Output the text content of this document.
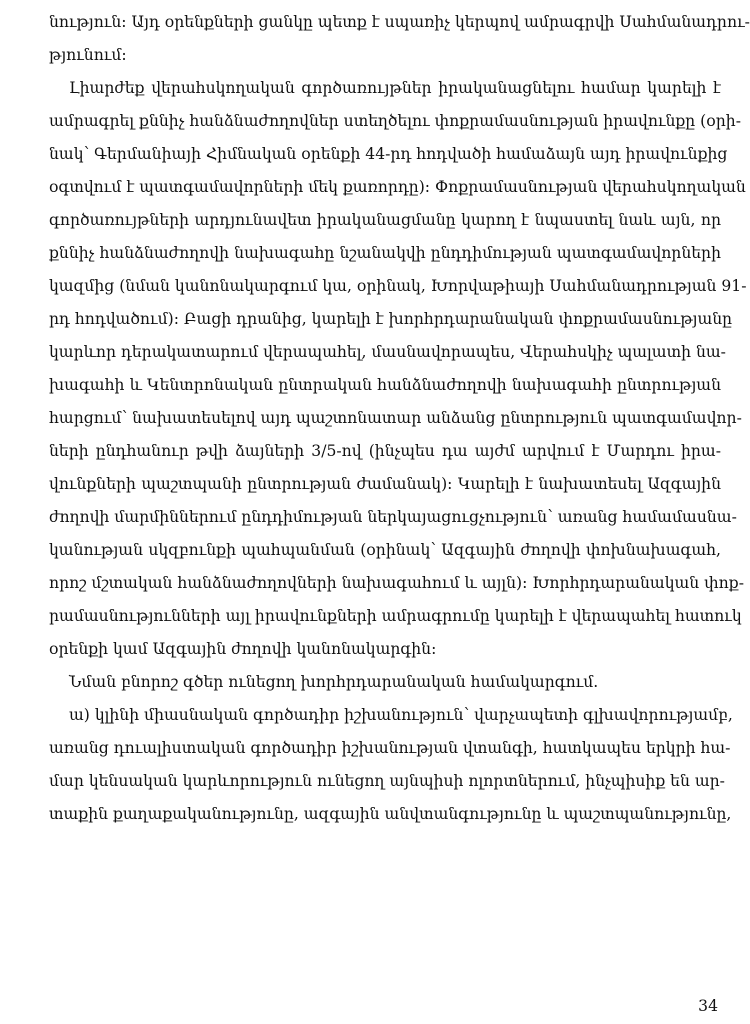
նություն: Այդ օրենքների ցանկը պետք է սպառիչ կերպով ամրագրվի Սահմանադրու-
թյունում:
Լիարժեք վերահսկողական գործառույթներ իրականացնելու համար կարելի է
ամրագրել քննիչ հանձնաժողովներ ստեղծելու փոքրամասնության իրավունքը (օրի-
նակ՝ Գերմանիայի Հիմնական օրենքի 44-րդ հոդվածի համաձայն այդ իրավունքից
օգտվում է պատգամավորների մեկ քառորդը): Փոքրամասնության վերահսկողական
գործառույթների արդյունավետ իրականացմանը կարող է նպաստել նաև այն, որ
քննիչ հանձնաժողովի նախագահը նշանակվի ընդդիմության պատգամավորների
կազմից (նման կանոնակարգում կա, օրինակ, Խորվաթիայի Սահմանադրության 91-
րդ հոդվածում): Բացի դրանից, կարելի է խորհրդարանական փոքրամասնությանը
կարևոր դերակատարում վերապահել, մասնավորապես, Վերահսկիչ պալատի նա-
խագահի և Կենտրոնական ընտրական հանձնաժողովի նախագահի ընտրության
հարցում՝ նախատեսելով այդ պաշտոնատար անձանց ընտրություն պատգամավոր-
ների ընդհանուր թվի ձայների 3/5-ով (ինչպես դա այժմ արվում է Մարդու իրա-
վունքների պաշտպանի ընտրության ժամանակ): Կարելի է նախատեսել Ազգային
ժողովի մարմիններում ընդդիմության ներկայացուցչություն՝ առանց համամասնա-
կանության սկզբունքի պահպանման (օրինակ՝ Ազգային ժողովի փոխնախագահ,
որոշ մշտական հանձնաժողովների նախագահում և այլն): Խորհրդարանական փոք-
րամասնությունների այլ իրավունքների ամրագրումը կարելի է վերապահել հատուկ
օրենքի կամ Ազգային ժողովի կանոնակարգին:
Նման բնորոշ գծեր ունեցող խորհրդարանական համակարգում.
ա) կլինի միասնական գործադիր իշխանություն՝ վարչապետի գլխավորությամբ,
առանց դուալիստական գործադիր իշխանության վտանգի, հատկապես երկրի հա-
մար կենսական կարևորություն ունեցող այնպիսի ոլորտներում, ինչպիսիք են ար-
տաքին քաղաքականությունը, ազգային անվտանգությունը և պաշտպանությունը,
34
